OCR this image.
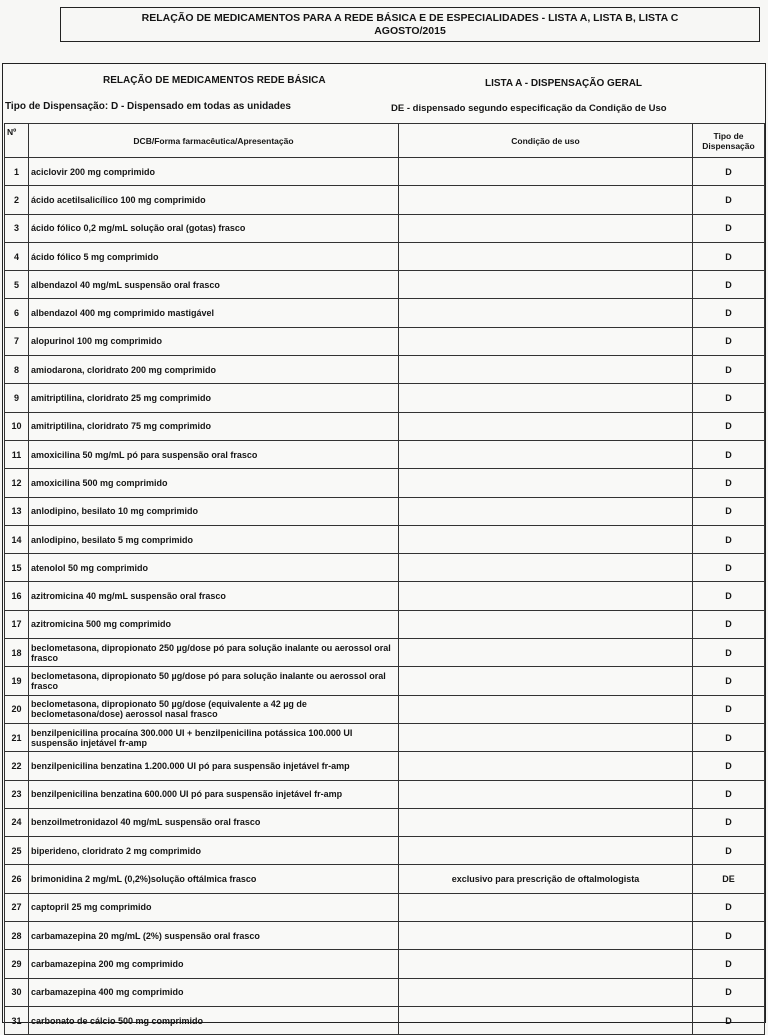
RELAÇÃO DE MEDICAMENTOS PARA A REDE BÁSICA E DE ESPECIALIDADES - LISTA A, LISTA B, LISTA C
AGOSTO/2015
RELAÇÃO DE MEDICAMENTOS REDE BÁSICA	LISTA A - DISPENSAÇÃO GERAL
Tipo de Dispensação: D - Dispensado em todas as unidades	DE - dispensado segundo especificação da Condição de Uso
Nº	DCB/Forma farmacêutica/Apresentação	Condição de uso	Tipo de Dispensação
1	aciclovir 200 mg comprimido		D
2	ácido acetilsalicílico 100 mg comprimido		D
3	ácido fólico 0,2 mg/mL solução oral (gotas) frasco		D
4	ácido fólico 5 mg comprimido		D
5	albendazol 40 mg/mL suspensão oral frasco		D
6	albendazol 400 mg comprimido mastigável		D
7	alopurinol 100 mg comprimido		D
8	amiodarona, cloridrato 200 mg comprimido		D
9	amitriptilina, cloridrato 25 mg comprimido		D
10	amitriptilina, cloridrato 75 mg comprimido		D
11	amoxicilina 50 mg/mL pó para suspensão oral frasco		D
12	amoxicilina 500 mg comprimido		D
13	anlodipino, besilato 10 mg comprimido		D
14	anlodipino, besilato 5 mg comprimido		D
15	atenolol 50 mg comprimido		D
16	azitromicina 40 mg/mL suspensão oral frasco		D
17	azitromicina 500 mg comprimido		D
18	beclometasona, dipropionato 250 µg/dose pó para solução inalante ou aerossol oral frasco		D
19	beclometasona, dipropionato 50 µg/dose pó para solução inalante ou aerossol oral frasco		D
20	beclometasona, dipropionato 50 µg/dose (equivalente a 42 µg de beclometasona/dose) aerossol nasal frasco		D
21	benzilpenicilina procaína 300.000 UI + benzilpenicilina potássica 100.000 UI suspensão injetável fr-amp		D
22	benzilpenicilina benzatina 1.200.000 UI pó para suspensão injetável fr-amp		D
23	benzilpenicilina benzatina 600.000 UI pó para suspensão injetável fr-amp		D
24	benzoilmetronidazol 40 mg/mL suspensão oral frasco		D
25	biperideno, cloridrato 2 mg comprimido		D
26	brimonidina 2 mg/mL (0,2%)solução oftálmica frasco	exclusivo para prescrição de oftalmologista	DE
27	captopril 25 mg comprimido		D
28	carbamazepina 20 mg/mL (2%) suspensão oral frasco		D
29	carbamazepina 200 mg comprimido		D
30	carbamazepina 400 mg comprimido		D
31	carbonato de cálcio 500 mg comprimido		D
